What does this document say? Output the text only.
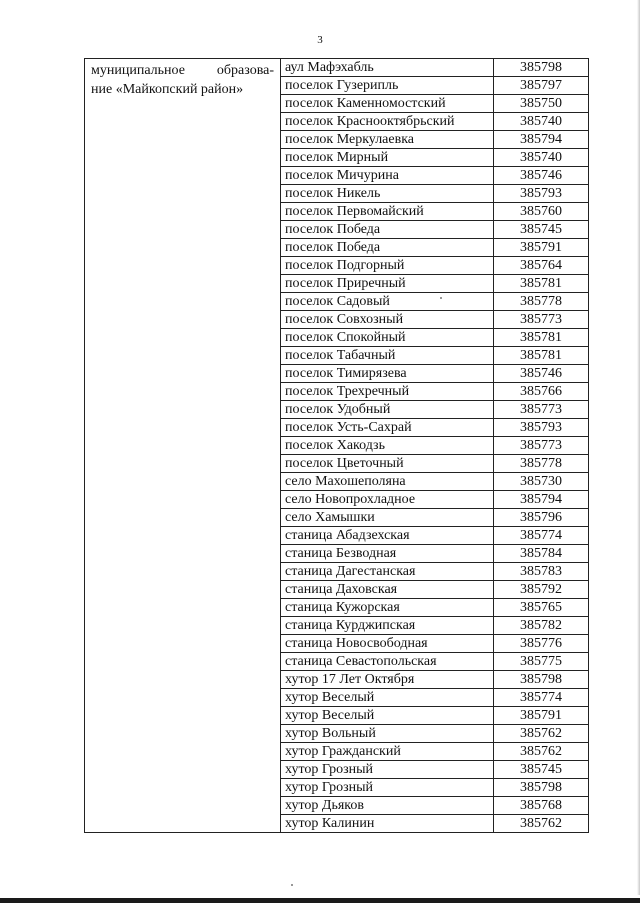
3
муниципальное образова-
ние «Майкопский район»	аул Мафэхабль	385798
	поселок Гузерипль	385797
	поселок Каменномостский	385750
	поселок Краснооктябрьский	385740
	поселок Меркулаевка	385794
	поселок Мирный	385740
	поселок Мичурина	385746
	поселок Никель	385793
	поселок Первомайский	385760
	поселок Победа	385745
	поселок Победа	385791
	поселок Подгорный	385764
	поселок Приречный	385781
	поселок Садовый	385778
	поселок Совхозный	385773
	поселок Спокойный	385781
	поселок Табачный	385781
	поселок Тимирязева	385746
	поселок Трехречный	385766
	поселок Удобный	385773
	поселок Усть-Сахрай	385793
	поселок Хакодзь	385773
	поселок Цветочный	385778
	село Махошеполяна	385730
	село Новопрохладное	385794
	село Хамышки	385796
	станица Абадзехская	385774
	станица Безводная	385784
	станица Дагестанская	385783
	станица Даховская	385792
	станица Кужорская	385765
	станица Курджипская	385782
	станица Новосвободная	385776
	станица Севастопольская	385775
	хутор 17 Лет Октября	385798
	хутор Веселый	385774
	хутор Веселый	385791
	хутор Вольный	385762
	хутор Гражданский	385762
	хутор Грозный	385745
	хутор Грозный	385798
	хутор Дьяков	385768
	хутор Калинин	385762
